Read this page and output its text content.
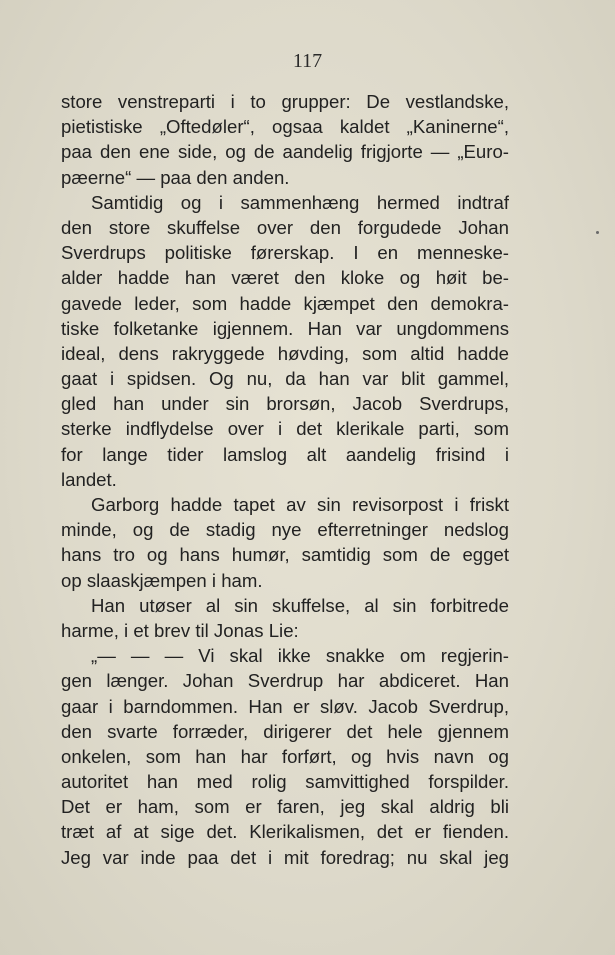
117
store venstreparti i to grupper: De vestlandske,
pietistiske „Oftedøler“, ogsaa kaldet „Kaninerne“,
paa den ene side, og de aandelig frigjorte — „Euro-
pæerne“ — paa den anden.
Samtidig og i sammenhæng hermed indtraf
den store skuffelse over den forgudede Johan
Sverdrups politiske førerskap. I en menneske-
alder hadde han været den kloke og høit be-
gavede leder, som hadde kjæmpet den demokra-
tiske folketanke igjennem. Han var ungdommens
ideal, dens rakryggede høvding, som altid hadde
gaat i spidsen. Og nu, da han var blit gammel,
gled han under sin brorsøn, Jacob Sverdrups,
sterke indflydelse over i det klerikale parti, som
for lange tider lamslog alt aandelig frisind i
landet.
Garborg hadde tapet av sin revisorpost i friskt
minde, og de stadig nye efterretninger nedslog
hans tro og hans humør, samtidig som de egget
op slaaskjæmpen i ham.
Han utøser al sin skuffelse, al sin forbitrede
harme, i et brev til Jonas Lie:
„— — — Vi skal ikke snakke om regjerin-
gen længer. Johan Sverdrup har abdiceret. Han
gaar i barndommen. Han er sløv. Jacob Sverdrup,
den svarte forræder, dirigerer det hele gjennem
onkelen, som han har forført, og hvis navn og
autoritet han med rolig samvittighed forspilder.
Det er ham, som er faren, jeg skal aldrig bli
træt af at sige det. Klerikalismen, det er fienden.
Jeg var inde paa det i mit foredrag; nu skal jeg
